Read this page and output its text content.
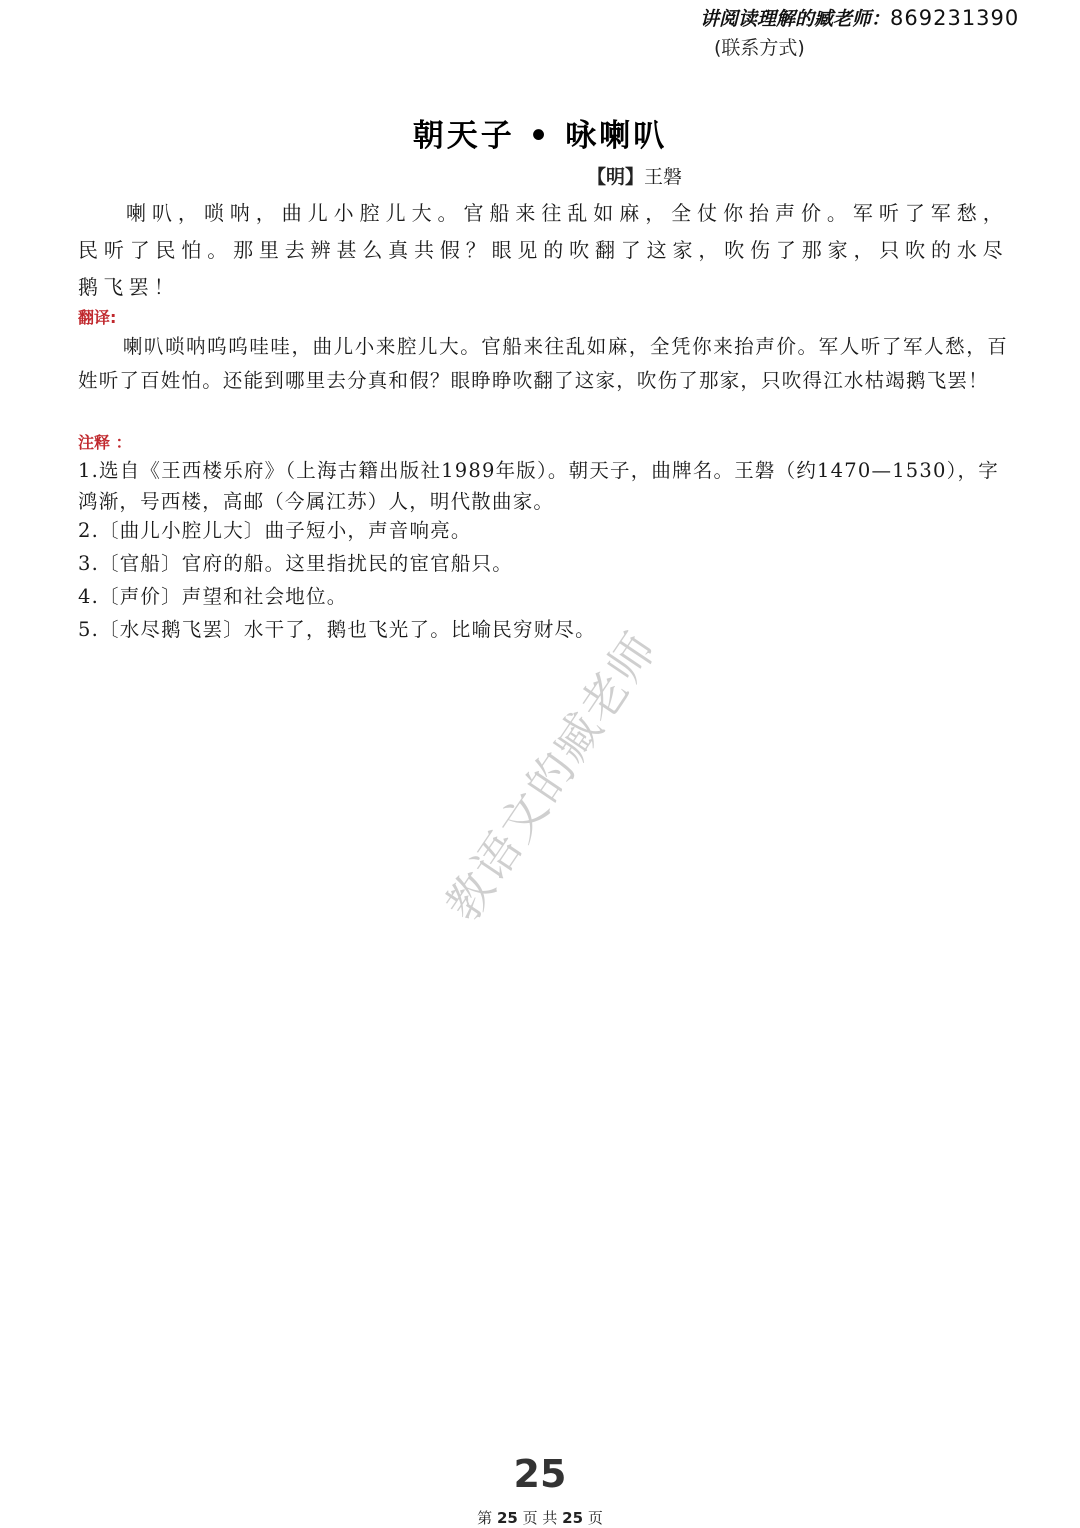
讲阅读理解的臧老师：869231390
(联系方式)
朝天子 • 咏喇叭
【明】王磐
喇叭，唢呐，曲儿小腔儿大。官船来往乱如麻，全仗你抬声价。军听了军愁，民听了民怕。那里去辨甚么真共假？眼见的吹翻了这家，吹伤了那家，只吹的水尽鹅飞罢！
翻译:
喇叭唢呐呜呜哇哇，曲儿小来腔儿大。官船来往乱如麻，全凭你来抬声价。军人听了军人愁，百姓听了百姓怕。还能到哪里去分真和假？眼睁睁吹翻了这家，吹伤了那家，只吹得江水枯竭鹅飞罢！
注释 ：
1.选自《王西楼乐府》（上海古籍出版社1989年版）。朝天子，曲牌名。王磐（约1470—1530），字鸿渐，号西楼，高邮（今属江苏）人，明代散曲家。
2.〔曲儿小腔儿大〕曲子短小，声音响亮。
3.〔官船〕官府的船。这里指扰民的宦官船只。
4.〔声价〕声望和社会地位。
5.〔水尽鹅飞罢〕水干了，鹅也飞光了。比喻民穷财尽。
教语文的臧老师
25
第 25 页 共 25 页
